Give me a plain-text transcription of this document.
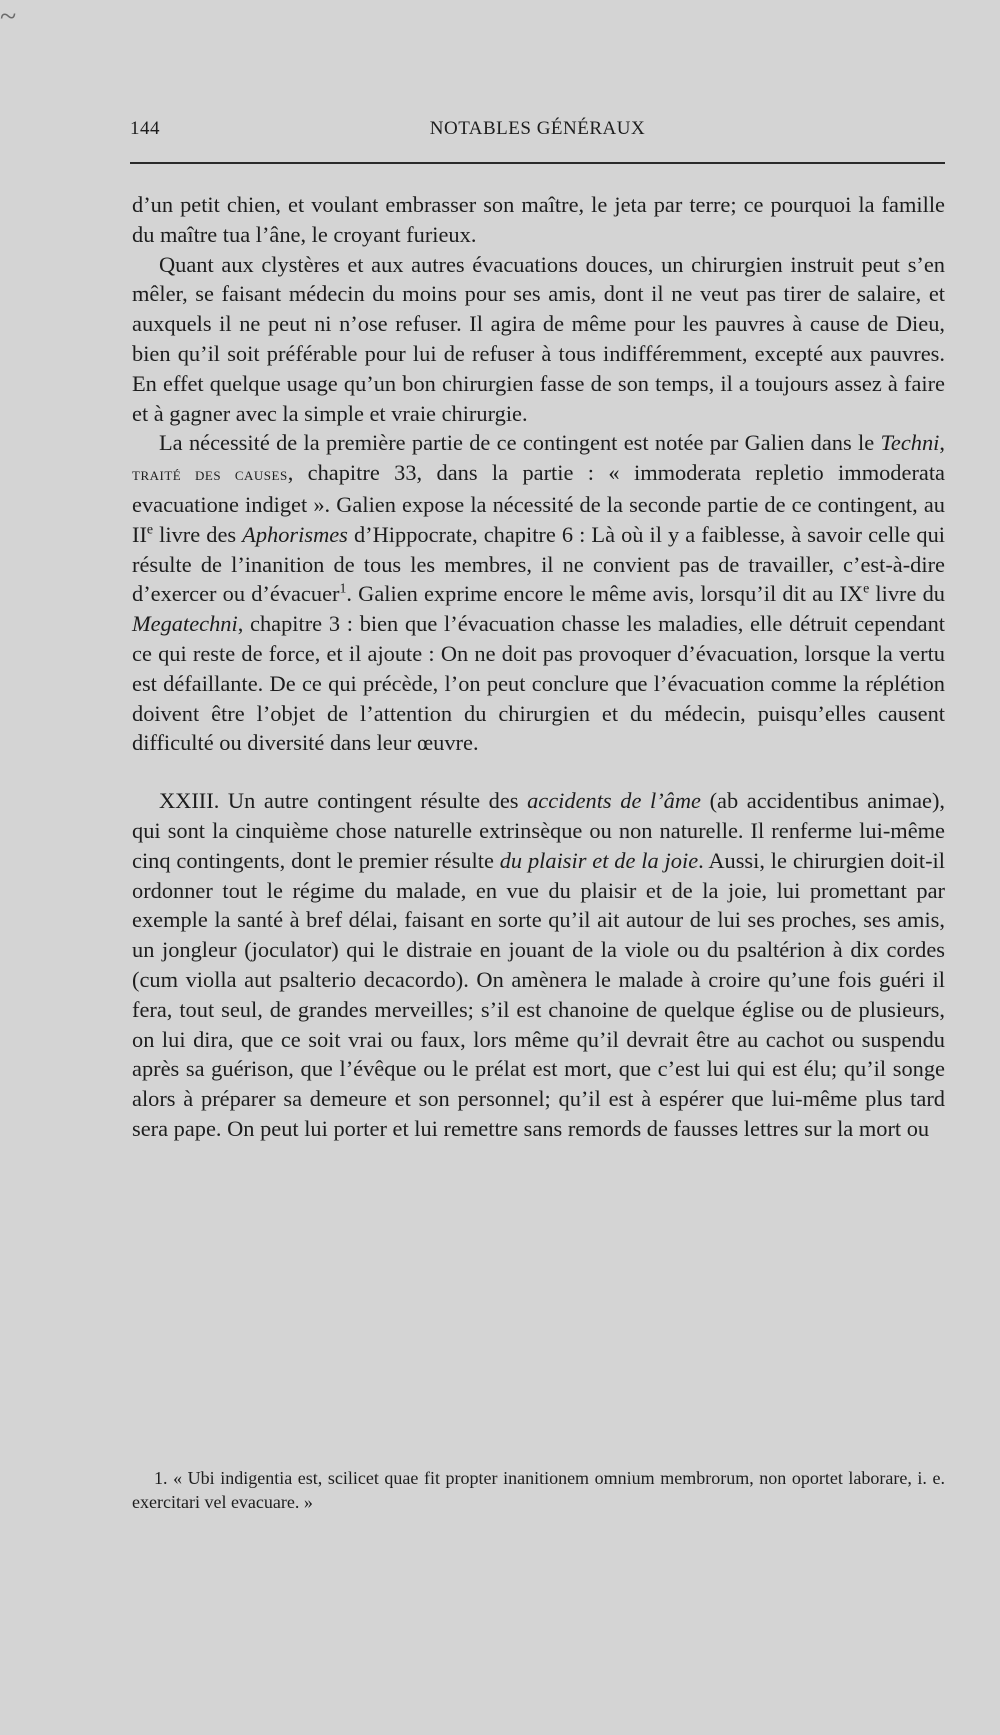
~
144	NOTABLES GÉNÉRAUX

d’un petit chien, et voulant embrasser son maître, le jeta par terre; ce pourquoi la famille du maître tua l’âne, le croyant furieux.

Quant aux clystères et aux autres évacuations douces, un chirurgien instruit peut s’en mêler, se faisant médecin du moins pour ses amis, dont il ne veut pas tirer de salaire, et auxquels il ne peut ni n’ose refuser. Il agira de même pour les pauvres à cause de Dieu, bien qu’il soit préférable pour lui de refuser à tous indifféremment, excepté aux pauvres. En effet quelque usage qu’un bon chirurgien fasse de son temps, il a toujours assez à faire et à gagner avec la simple et vraie chirurgie.

La nécessité de la première partie de ce contingent est notée par Galien dans le Techni, traité des causes, chapitre 33, dans la partie : « immoderata repletio immoderata evacuatione indiget ». Galien expose la nécessité de la seconde partie de ce contingent, au IIe livre des Aphorismes d’Hippocrate, chapitre 6 : Là où il y a faiblesse, à savoir celle qui résulte de l’inanition de tous les membres, il ne convient pas de travailler, c’est-à-dire d’exercer ou d’évacuer$^1$. Galien exprime encore le même avis, lorsqu’il dit au IXe livre du Megatechni, chapitre 3 : bien que l’évacuation chasse les maladies, elle détruit cependant ce qui reste de force, et il ajoute : On ne doit pas provoquer d’évacuation, lorsque la vertu est défaillante. De ce qui précède, l’on peut conclure que l’évacuation comme la réplétion doivent être l’objet de l’attention du chirurgien et du médecin, puisqu’elles causent difficulté ou diversité dans leur œuvre.

XXIII. Un autre contingent résulte des accidents de l’âme (ab accidentibus animae), qui sont la cinquième chose naturelle extrinsèque ou non naturelle. Il renferme lui-même cinq contingents, dont le premier résulte du plaisir et de la joie. Aussi, le chirurgien doit-il ordonner tout le régime du malade, en vue du plaisir et de la joie, lui promettant par exemple la santé à bref délai, faisant en sorte qu’il ait autour de lui ses proches, ses amis, un jongleur (joculator) qui le distraie en jouant de la viole ou du psaltérion à dix cordes (cum violla aut psalterio decacordo). On amènera le malade à croire qu’une fois guéri il fera, tout seul, de grandes merveilles; s’il est chanoine de quelque église ou de plusieurs, on lui dira, que ce soit vrai ou faux, lors même qu’il devrait être au cachot ou suspendu après sa guérison, que l’évêque ou le prélat est mort, que c’est lui qui est élu; qu’il songe alors à préparer sa demeure et son personnel; qu’il est à espérer que lui-même plus tard sera pape. On peut lui porter et lui remettre sans remords de fausses lettres sur la mort ou

1. « Ubi indigentia est, scilicet quae fit propter inanitionem omnium membrorum, non oportet laborare, i. e. exercitari vel evacuare. »
